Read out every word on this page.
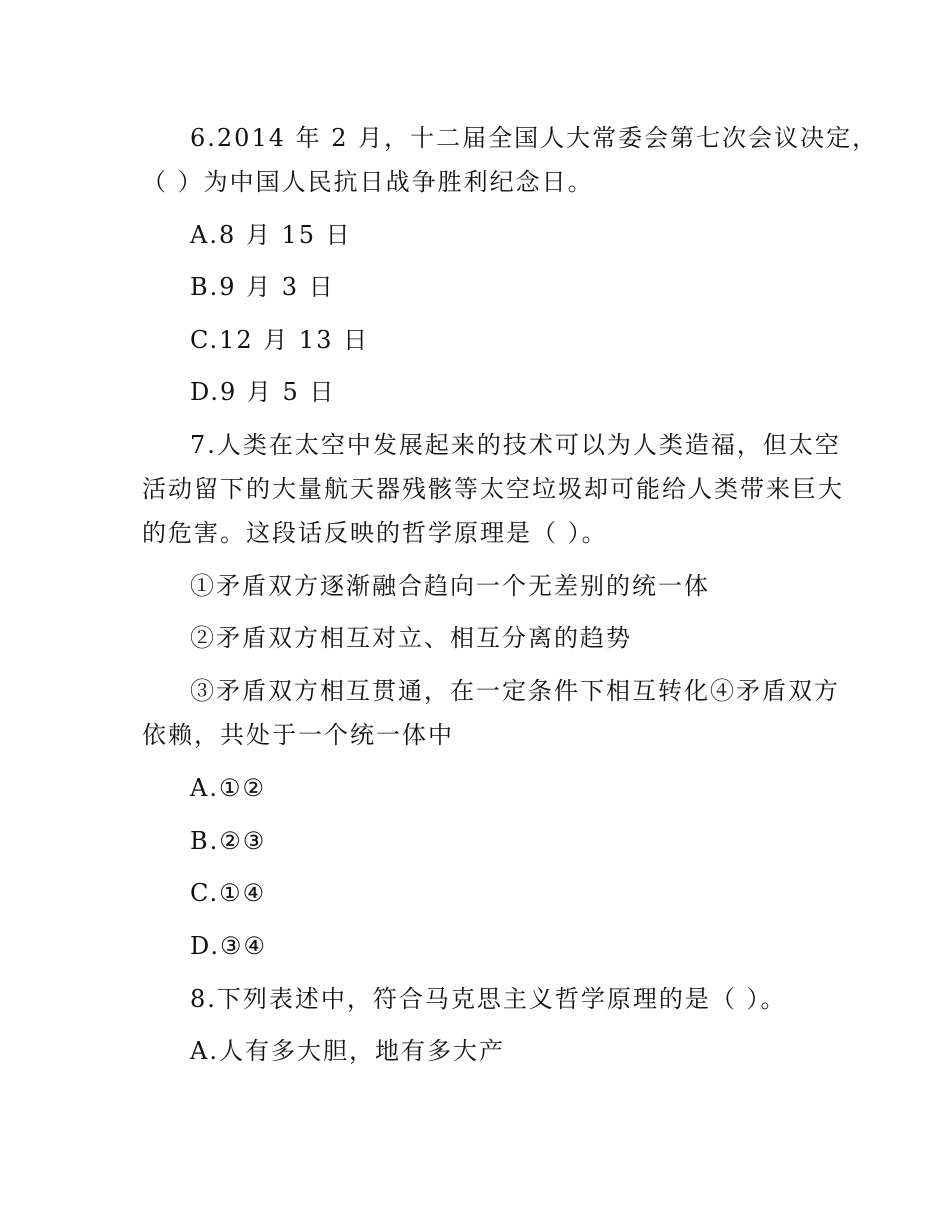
6.2014 年 2 月，十二届全国人大常委会第七次会议决定，
（ ）为中国人民抗日战争胜利纪念日。
A.8 月 15 日
B.9 月 3 日
C.12 月 13 日
D.9 月 5 日
7.人类在太空中发展起来的技术可以为人类造福，但太空
活动留下的大量航天器残骸等太空垃圾却可能给人类带来巨大
的危害。这段话反映的哲学原理是（ ）。
①矛盾双方逐渐融合趋向一个无差别的统一体
②矛盾双方相互对立、相互分离的趋势
③矛盾双方相互贯通，在一定条件下相互转化④矛盾双方
依赖，共处于一个统一体中
A.①②
B.②③
C.①④
D.③④
8.下列表述中，符合马克思主义哲学原理的是（ ）。
A.人有多大胆，地有多大产
